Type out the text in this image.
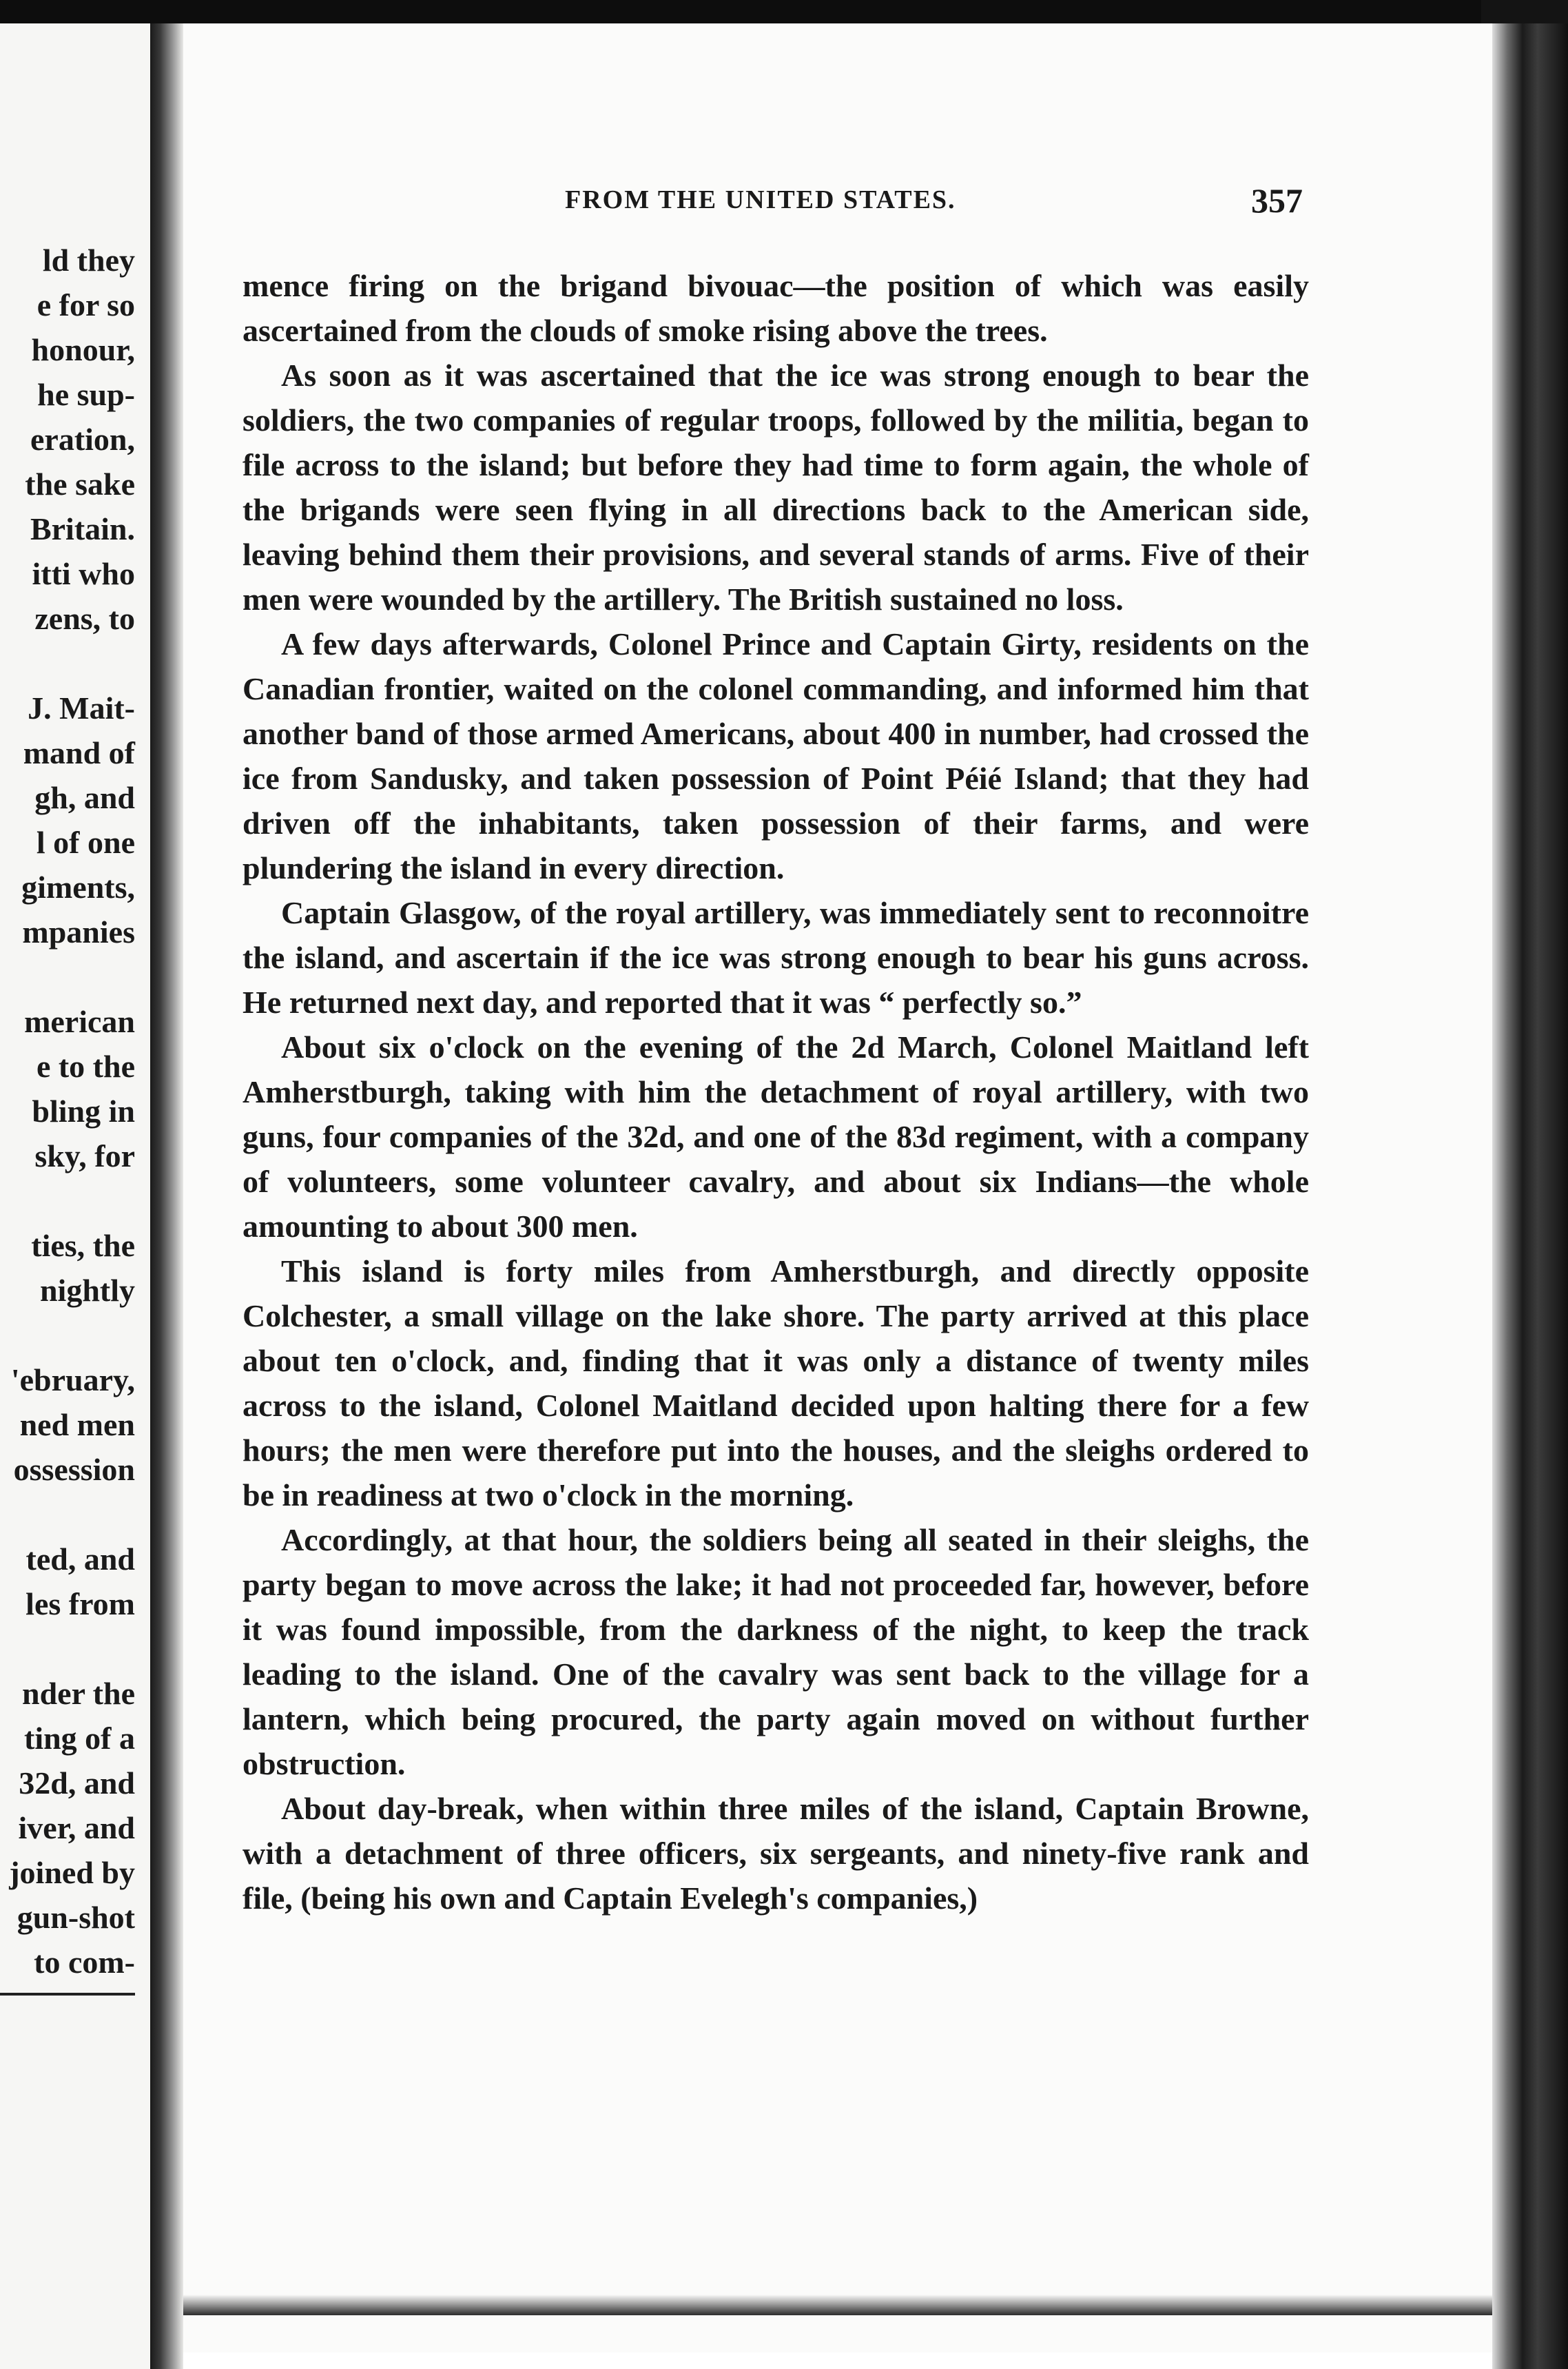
ld they
e for so
honour,
he sup-
eration,
the sake
Britain.
itti who
zens, to
J. Mait-
mand of
gh, and
l of one
giments,
mpanies
merican
e to the
bling in
sky, for
ties, the
nightly
'ebruary,
ned men
ossession
ted, and
les from
nder the
ting of a
32d, and
iver, and
joined by
gun-shot
to com-
FROM THE UNITED STATES.	357

mence firing on the brigand bivouac—the position of which was easily ascertained from the clouds of smoke rising above the trees.

As soon as it was ascertained that the ice was strong enough to bear the soldiers, the two companies of regular troops, followed by the militia, began to file across to the island; but before they had time to form again, the whole of the brigands were seen flying in all directions back to the American side, leaving behind them their provisions, and several stands of arms. Five of their men were wounded by the artillery. The British sustained no loss.

A few days afterwards, Colonel Prince and Captain Girty, residents on the Canadian frontier, waited on the colonel commanding, and informed him that another band of those armed Americans, about 400 in number, had crossed the ice from Sandusky, and taken possession of Point Péié Island; that they had driven off the inhabitants, taken possession of their farms, and were plundering the island in every direction.

Captain Glasgow, of the royal artillery, was immediately sent to reconnoitre the island, and ascertain if the ice was strong enough to bear his guns across. He returned next day, and reported that it was “ perfectly so.”

About six o'clock on the evening of the 2d March, Colonel Maitland left Amherstburgh, taking with him the detachment of royal artillery, with two guns, four companies of the 32d, and one of the 83d regiment, with a company of volunteers, some volunteer cavalry, and about six Indians—the whole amounting to about 300 men.

This island is forty miles from Amherstburgh, and directly opposite Colchester, a small village on the lake shore. The party arrived at this place about ten o'clock, and, finding that it was only a distance of twenty miles across to the island, Colonel Maitland decided upon halting there for a few hours; the men were therefore put into the houses, and the sleighs ordered to be in readiness at two o'clock in the morning.

Accordingly, at that hour, the soldiers being all seated in their sleighs, the party began to move across the lake; it had not proceeded far, however, before it was found impossible, from the darkness of the night, to keep the track leading to the island. One of the cavalry was sent back to the village for a lantern, which being procured, the party again moved on without further obstruction.

About day-break, when within three miles of the island, Captain Browne, with a detachment of three officers, six sergeants, and ninety-five rank and file, (being his own and Captain Evelegh's companies,)
